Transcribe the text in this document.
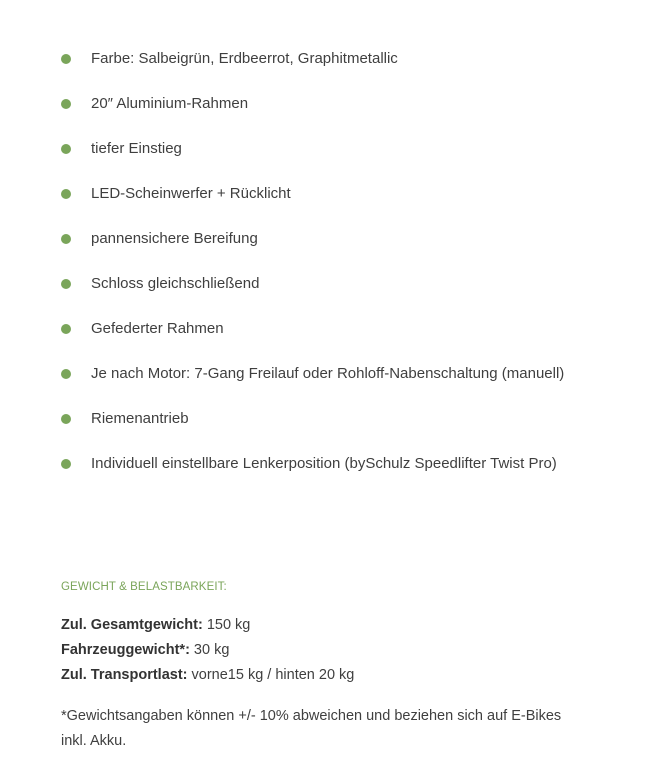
Farbe: Salbeigrün, Erdbeerrot, Graphitmetallic
20″ Aluminium-Rahmen
tiefer Einstieg
LED-Scheinwerfer + Rücklicht
pannensichere Bereifung
Schloss gleichschließend
Gefederter Rahmen
Je nach Motor: 7-Gang Freilauf oder Rohloff-Nabenschaltung (manuell)
Riemenantrieb
Individuell einstellbare Lenkerposition (bySchulz Speedlifter Twist Pro)
GEWICHT & BELASTBARKEIT:
Zul. Gesamtgewicht: 150 kg
Fahrzeuggewicht*: 30 kg
Zul. Transportlast: vorne15 kg / hinten 20 kg

*Gewichtsangaben können +/- 10% abweichen und beziehen sich auf E-Bikes inkl. Akku.
